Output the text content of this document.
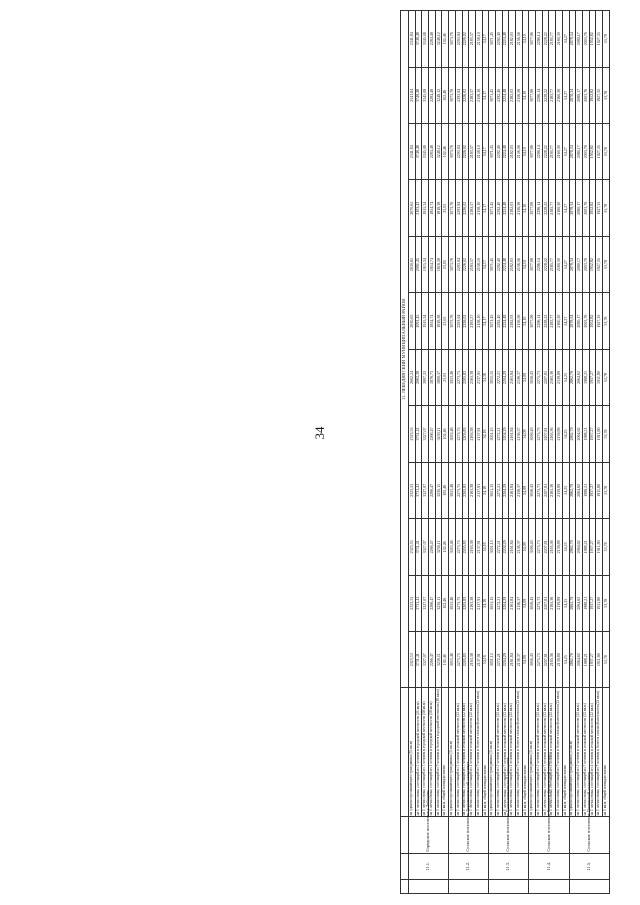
34
				11. ЛЕБЕДЯНСКИЙ МУНИЦИПАЛЬНЫЙ РАЙОН											
	11.1.	Городское поселение г.Лебедянь	на одиноко проживающего гражданина (53 кв.м)	2323,53	2323,53	2323,53	2323,53	2323,53	2602,24	2630,65	2630,65	2670,65	2341,84	2341,84	2341,84
			на 1 члена семьи, состоящей из 2 человек в городской местности (21 кв.м)	3731,41	3731,41	3731,41	3731,41	3731,41	2063,38	2091,45	2091,45	2103,43	3749,48	3749,48	3749,48
			на 1 члена семьи, состоящей из 3 человек в городской местности (18 кв.м)	3327,07	3327,07	3327,07	3327,07	3327,07	1897,33	1915,34	1915,34	1915,34	3345,08	3345,08	3345,08
			на 1 члена семьи, состоящей из 4 человек в городской местности (18 кв.м)	2266,47	2266,47	2266,47	2266,47	2266,47	1876,73	1854,74	1854,74	1854,74	2284,48	2284,48	2284,48
			на 1 члена семьи, состоящей из 5 человек и более в городской местности (18 кв.м)	3230,11	3230,11	3230,11	3230,11	3230,11	1800,37	1818,38	1818,38	1818,38	3248,12	3248,12	3248,12
			на 1 кв.м. общей площади жилья	102,46	102,46	102,46	102,46	102,46	23,03	23,05	23,05	23,05	102,46	102,46	102,46
	11.2.	Сельское поселение Агрономовский сельсовет	на одиноко проживающего гражданина (33 кв.м)	3053,46	3053,46	3053,46	3053,46	3053,46	3053,46	3073,76	3073,76	3073,76	3073,76	3073,76	3073,76
			на 1 члена семьи, состоящей из 2 человек в сельской местности (22 кв.м)	2273,75	2273,75	2273,75	2273,75	2273,75	2273,75	2293,94	2293,94	2293,94	2293,94	2293,94	2293,94
			на 1 члена семьи, состоящей из 3 человек в сельской местности (22 кв.м)	2205,83	2205,83	2205,83	2205,83	2205,83	2205,83	2226,02	2226,02	2226,02	2226,02	2226,02	2226,02
			на 1 члена семьи, состоящей из 4 человек в сельской местности (22 кв.м)	2163,38	2163,38	2163,38	2163,38	2163,38	2163,38	2183,57	2183,57	2183,57	2183,57	2183,57	2183,57
			на 1 члена семьи, состоящей из 5 человек и более в сельской местности (22 кв.м)	2137,91	2137,91	2137,91	2137,91	2137,91	2137,91	2158,10	2158,10	2158,10	2158,10	2158,10	2158,10
			на 1 кв.м. общей площади жилья	54,16	54,16	54,16	54,16	54,16	54,16	54,17	54,17	54,17	54,17	54,17	54,17
	11.3.	Сельское поселение Большепоповский сельсовет	на одиноко проживающего гражданина (33 кв.м)	3051,15	3051,15	3051,15	3051,15	3051,15	3051,15	3071,45	3071,45	3071,45	3071,45	3071,45	3071,45
			на 1 члена семьи, состоящей из 2 человек в сельской местности (22 кв.м)	2272,21	2272,21	2272,21	2272,21	2272,21	2272,21	2292,40	2292,40	2292,40	2292,40	2292,40	2292,40
			на 1 члена семьи, состоящей из 3 человек в сельской местности (22 кв.м)	2204,29	2204,29	2204,29	2204,29	2204,29	2204,29	2224,48	2224,48	2224,48	2224,48	2224,48	2224,48
			на 1 члена семьи, состоящей из 4 человек в сельской местности (22 кв.м)	2161,84	2161,84	2161,84	2161,84	2161,84	2161,84	2182,03	2182,03	2182,03	2182,03	2182,03	2182,03
			на 1 члена семьи, состоящей из 5 человек и более в сельской местности (22 кв.м)	2136,37	2136,37	2136,37	2136,37	2136,37	2136,37	2156,56	2156,56	2156,56	2156,56	2156,56	2156,56
			на 1 кв.м. общей площади жилья	54,09	54,09	54,09	54,09	54,09	54,09	54,10	54,10	54,10	54,10	54,10	54,10
	11.4.	Сельское поселение Большеизбищенский сельсовет	на одиноко проживающего гражданина (33 кв.м)	3056,43	3056,43	3056,43	3056,43	3056,43	3056,43	3077,06	3077,06	3077,06	3077,06	3077,06	3077,06
			на 1 члена семьи, состоящей из 2 человек в сельской местности (22 кв.м)	2275,73	2275,73	2275,73	2275,73	2275,73	2275,73	2296,14	2296,14	2296,14	2296,14	2296,14	2296,14
			на 1 члена семьи, состоящей из 3 человек в сельской местности (22 кв.м)	2207,81	2207,81	2207,81	2207,81	2207,81	2207,81	2228,22	2228,22	2228,22	2228,22	2228,22	2228,22
			на 1 члена семьи, состоящей из 4 человек в сельской местности (22 кв.м)	2165,36	2165,36	2165,36	2165,36	2165,36	2165,36	2185,77	2185,77	2185,77	2185,77	2185,77	2185,77
			на 1 члена семьи, состоящей из 5 человек и более в сельской местности (22 кв.м)	2139,89	2139,89	2139,89	2139,89	2139,89	2139,89	2160,30	2160,30	2160,30	2160,30	2160,30	2160,30
			на 1 кв.м. общей площади жилья	54,25	54,25	54,25	54,25	54,25	54,25	54,27	54,27	54,27	54,27	54,27	54,27
	11.5.	Сельское поселение Вязовский сельсовет	на одиноко проживающего гражданина (33 кв.м)	2862,79	2862,79	2862,79	2862,79	2862,79	2862,79	2878,34	2878,34	2878,34	2878,34	2878,34	2878,34
			на 1 члена семьи, состоящей из 2 человек в сельской местности (22 кв.м)	2064,62	2064,62	2064,62	2064,62	2064,62	2064,62	2080,17	2080,17	2080,17	2080,17	2080,17	2080,17
			на 1 члена семьи, состоящей из 3 человек в сельской местности (22 кв.м)	1988,21	1988,21	1988,21	1988,21	1988,21	1988,21	2003,76	2003,76	2003,76	2003,76	2003,76	2003,76
			на 1 члена семьи, состоящей из 4 человек в сельской местности (22 кв.м)	1937,27	1937,27	1937,27	1937,27	1937,27	1937,27	1952,82	1952,82	1952,82	1952,82	1952,82	1952,82
			на 1 члена семьи, состоящей из 5 человек и более в сельской местности (22 кв.м)	1911,80	1911,80	1911,80	1911,80	1911,80	1911,80	1927,35	1927,35	1927,35	1927,35	1927,35	1927,35
			на 1 кв.м. общей площади жилья	53,78	53,78	53,78	53,78	53,78	53,78	53,78	53,78	53,78	53,78	53,78	53,78
